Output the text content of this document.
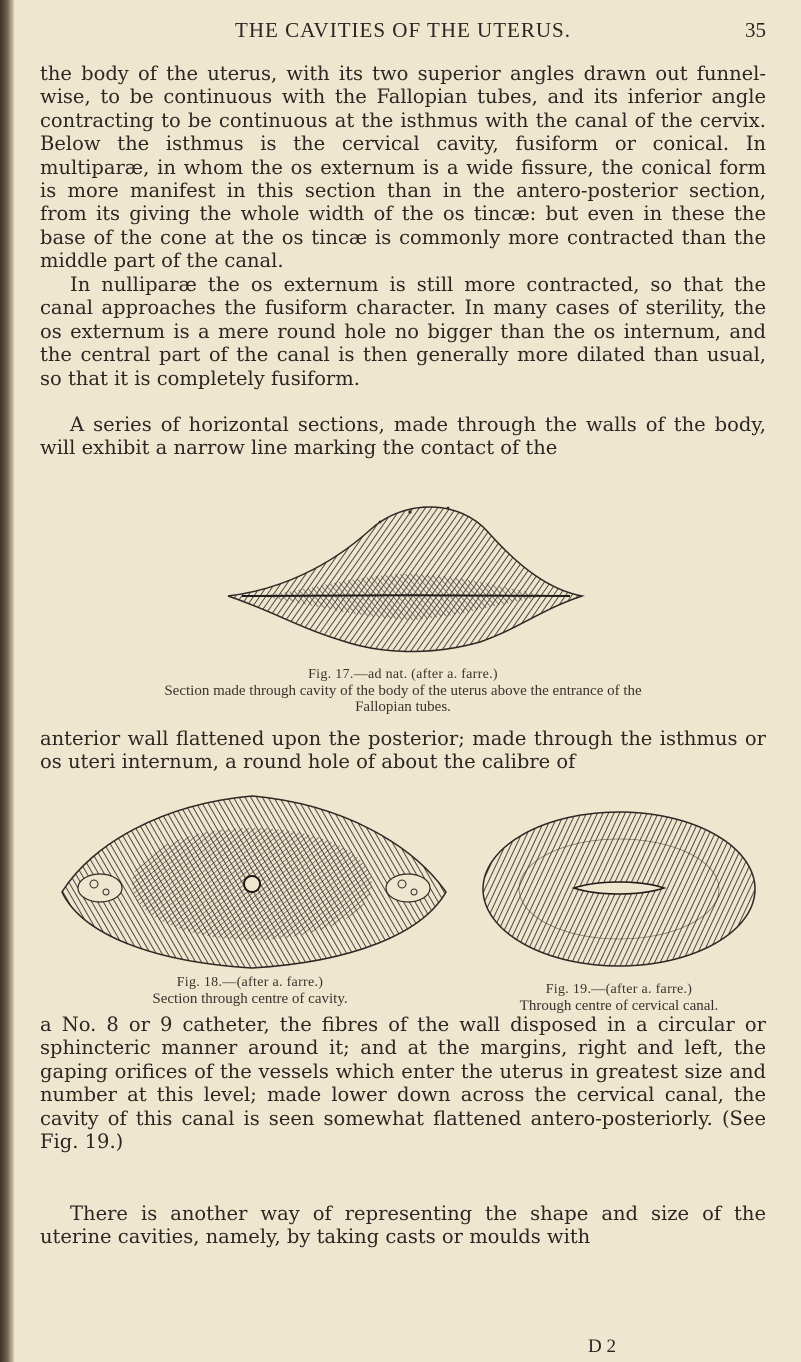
THE CAVITIES OF THE UTERUS.	35

the body of the uterus, with its two superior angles drawn out funnel-wise, to be continuous with the Fallopian tubes, and its inferior angle contracting to be continuous at the isthmus with the canal of the cervix. Below the isthmus is the cervical cavity, fusiform or conical. In multiparæ, in whom the os externum is a wide fissure, the conical form is more manifest in this section than in the antero-posterior section, from its giving the whole width of the os tincæ: but even in these the base of the cone at the os tincæ is commonly more contracted than the middle part of the canal.

In nulliparæ the os externum is still more contracted, so that the canal approaches the fusiform character. In many cases of sterility, the os externum is a mere round hole no bigger than the os internum, and the central part of the canal is then generally more dilated than usual, so that it is completely fusiform.

A series of horizontal sections, made through the walls of the body, will exhibit a narrow line marking the contact of the

Fig. 17.—ad nat. (after a. farre.)
Section made through cavity of the body of the uterus above the entrance of the
Fallopian tubes.

anterior wall flattened upon the posterior; made through the isthmus or os uteri internum, a round hole of about the calibre of

Fig. 18.—(after a. farre.)
Section through centre of cavity.
Fig. 19.—(after a. farre.)
Through centre of cervical canal.

a No. 8 or 9 catheter, the fibres of the wall disposed in a circular or sphincteric manner around it; and at the margins, right and left, the gaping orifices of the vessels which enter the uterus in greatest size and number at this level; made lower down across the cervical canal, the cavity of this canal is seen somewhat flattened antero-posteriorly. (See Fig. 19.)

There is another way of representing the shape and size of the uterine cavities, namely, by taking casts or moulds with

D 2
